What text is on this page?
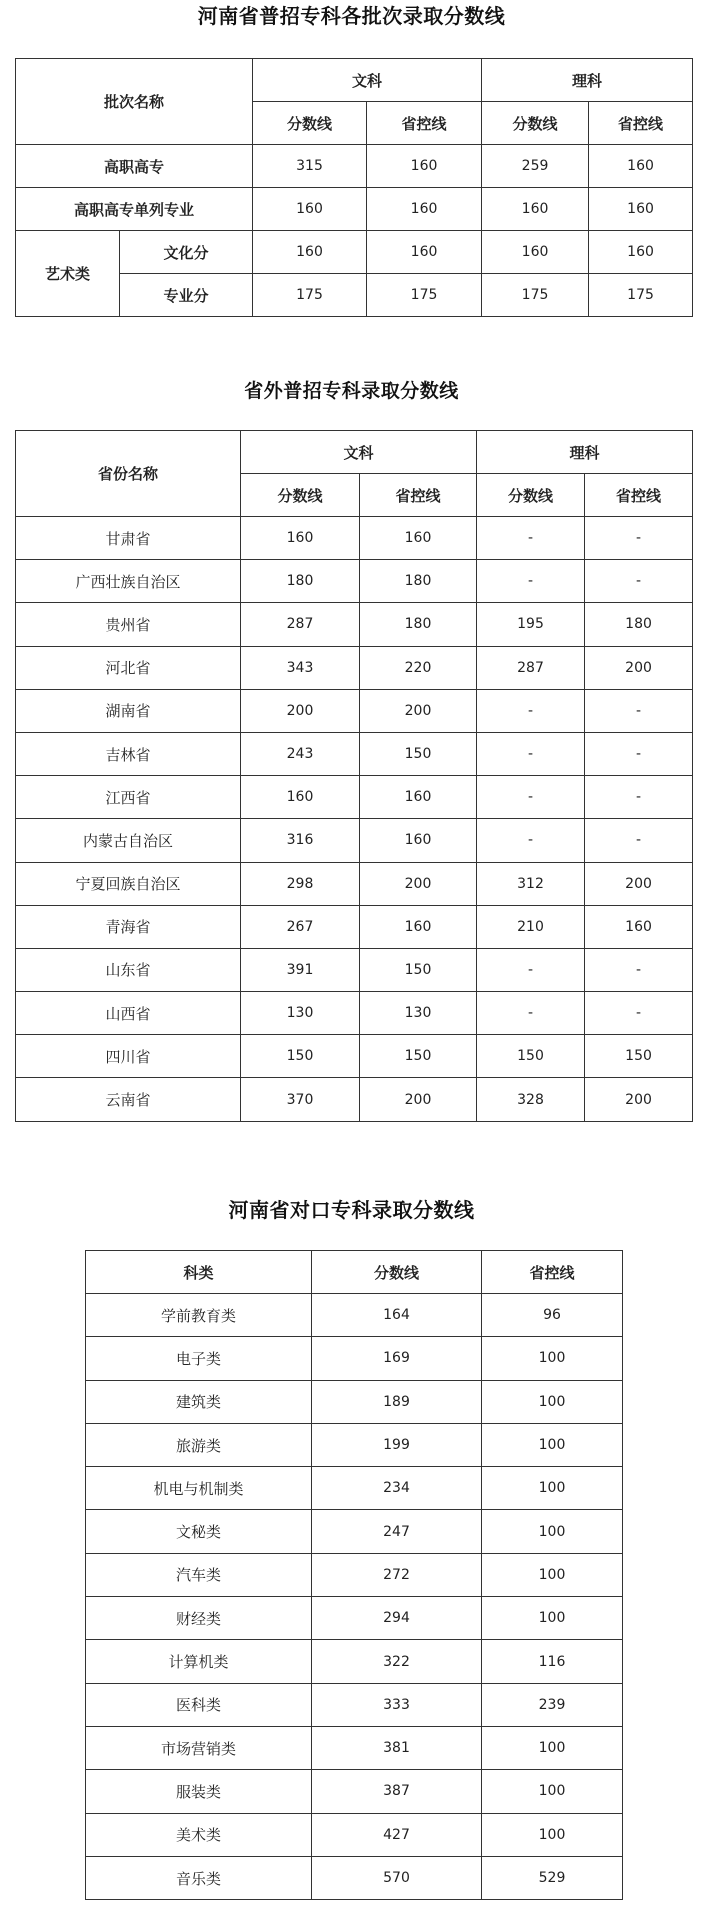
河南省普招专科各批次录取分数线
批次名称		文科		理科	
		分数线	省控线	分数线	省控线
高职高专		315	160	259	160
高职高专单列专业		160	160	160	160
艺术类	文化分	160	160	160	160
	专业分	175	175	175	175
省外普招专科录取分数线
省份名称	文科		理科	
	分数线	省控线	分数线	省控线
甘肃省	160	160	-	-
广西壮族自治区	180	180	-	-
贵州省	287	180	195	180
河北省	343	220	287	200
湖南省	200	200	-	-
吉林省	243	150	-	-
江西省	160	160	-	-
内蒙古自治区	316	160	-	-
宁夏回族自治区	298	200	312	200
青海省	267	160	210	160
山东省	391	150	-	-
山西省	130	130	-	-
四川省	150	150	150	150
云南省	370	200	328	200
河南省对口专科录取分数线
科类	分数线	省控线
学前教育类	164	96
电子类	169	100
建筑类	189	100
旅游类	199	100
机电与机制类	234	100
文秘类	247	100
汽车类	272	100
财经类	294	100
计算机类	322	116
医科类	333	239
市场营销类	381	100
服装类	387	100
美术类	427	100
音乐类	570	529
